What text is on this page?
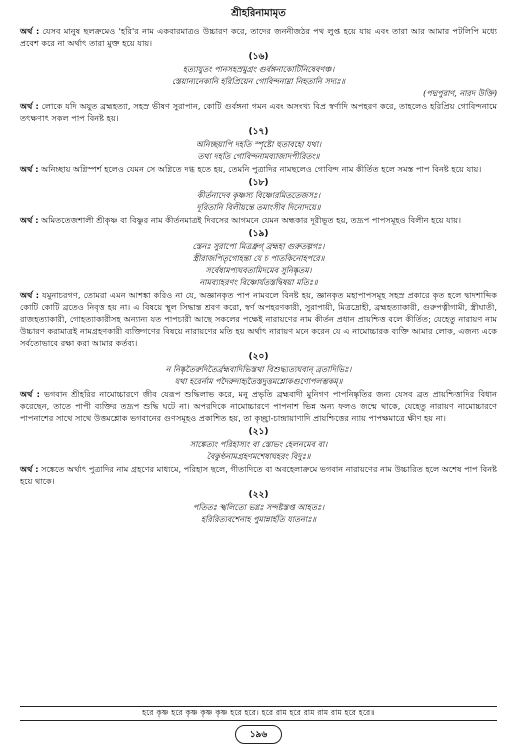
শ্রীহরিনামামৃত

অর্থ : যেসব মানুষ ছলক্রমেও 'হরি'র নাম একবারমাত্রও উচ্চারণ করে, তাদের জননীজঠর পথ লুপ্ত হয়ে যায় এবং তারা আর আমার পটলিপি মধ্যে প্রবেশ করে না অর্থাৎ তারা মুক্ত হয়ে যায়।

(১৬)

হত্যাযুতং পানসহস্রমুগ্রং গুর্বঙ্গনাকোটিনিষেবণঞ্চ।

স্তেয়ান্যনেকানি হরিপ্রিয়েন গোবিন্দনাম্না নিহতানি সদ্যঃ॥

(পদ্মপুরাণ, নারদ উক্তি)

অর্থ : লোকে যদি অযুত ব্রহ্মহত্যা, সহস্র ভীষণ সুরাপান, কোটি গুর্বঙ্গনা গমন এবং অসংখ্য বিপ্র স্বর্ণাদি অপহরণ করে, তাহলেও হরিপ্রিয় গোবিন্দনামে তৎক্ষণাৎ সকল পাপ বিনষ্ট হয়।

(১৭)

অনিচ্ছয়াপি দহতি স্পৃষ্টো হুতাবহো যথা।

তথা দহতি গোবিন্দনামব্যাজাদপীরিতং॥

অর্থ : অনিচ্ছায় অগ্নিস্পর্শ হলেও যেমন সে অগ্নিতে দগ্ধ হতে হয়, তেমনি পুত্রাদির নামছলেও গোবিন্দ নাম কীর্তিত হলে সমস্ত পাপ বিনষ্ট হয়ে যায়।

(১৮)

কীর্তনাদেব কৃষ্ণস্য বিষ্ণোরমিততেজসঃ।

দূরিতানি বিলীয়ন্তে তমাংসীব দিনোদয়ে॥

অর্থ : অমিততেজশালী শ্রীকৃষ্ণ বা বিষ্ণুর নাম কীর্তনমাত্রই দিবসের আগমনে যেমন অন্ধকার দূরীভূত হয়, তদ্রূপ পাপসমূহও বিলীন হয়ে যায়।

(১৯)

স্তেনঃ সুরাপো মিত্রধ্রুগ্ ব্রহ্মহা গুরুতল্পগঃ।

স্ত্রীরাজপিতৃগোহন্তা যে চ পাতকিনোহপরে॥

সর্বেষামপ্যঘবতামিদমেব সুনিষ্কৃতম।

নামব্যাহরণং বিষ্ণোর্যতস্তদ্বিষয়া মতিঃ॥

অর্থ : যমুনাচরগণ, তোমরা এমন আশঙ্কা করিও না যে, অজ্ঞানকৃত পাপ নামবলে বিনষ্ট হয়, জ্ঞানকৃত মহাপাপসমূহ সহস্র প্রকারে কৃত হলে দ্বাদশাব্দিক কোটি কোটি ব্রতেও নিবৃত্ত হয় না। এ বিষয়ে স্থূল সিদ্ধান্ত শ্রবণ করো, স্বর্ণ অপহরণকারী, সুরাপায়ী, মিত্রদ্রোহী, ব্রহ্মহত্যাকারী, গুরুপত্নীগামী, স্ত্রীঘাতী, রাজহত্যাকারী, গোহত্যাকারীসহ অন্যান্য যত পাপচারী আছে সকলের পক্ষেই নারায়ণের নাম কীর্তন প্রধান প্রায়শ্চিত্ত বলে কীর্তিত; যেহেতু নারায়ণ নাম উচ্চারণ করামাত্রই নামগ্রহণকারী ব্যক্তিগণের বিষয়ে নারায়ণের মতি হয় অর্থাৎ নারায়ণ মনে করেন যে এ নামোচ্চারক ব্যক্তি আমার লোক, এজন্য একে সর্বতোভাবে রক্ষা করা আমার কর্তব্য।

(২০)

ন নিষ্কৃতৈরুদিতৈর্ব্রহ্মবাদিভিস্তথা বিশুদ্ধ্যত্যঘবান্ ব্রতাদিভিঃ।

যথা হরের্নাম পদৈরুদাহৃতৈস্তদুত্তমশ্লোকগুণোপলম্ভকম্॥

অর্থ : ভগবান শ্রীহরির নামোচ্চারণে জীব যেরূপ শুদ্ধিলাভ করে, মনু প্রভৃতি ব্রহ্মবাদী মুনিগণ পাপনিষ্কৃতির জন্য যেসব ব্রত প্রায়শ্চিত্তাদির বিধান করেছেন, তাতে পাপী ব্যক্তির তদ্রূপ শুদ্ধি ঘটে না। অপরদিকে নামোচ্চারণে পাপনাশ ভিন্ন অন্য ফলও জন্মে থাকে, যেহেতু নারায়ণ নামোচ্চারণে পাপনাশের সাথে সাথে উত্তমশ্লোক ভগবানের গুণসমূহও প্রকাশিত হয়, তা কৃচ্ছ্রা-চান্দ্রায়াণাদি প্রায়শ্চিত্তের ন্যায় পাপক্ষমাত্রে ক্ষীণ হয় না।

(২১)

সাঙ্কেত্যং পরিহাস্যং বা স্তোভং হেলনমেব বা।

বৈকুণ্ঠনামগ্রহণমশেষাঘহরং বিদুঃ॥

অর্থ : সঙ্কেতে অর্থাৎ পুত্রাদির নাম গ্রহণের মাধ্যমে, পরিহাস ছলে, গীতাদিতে বা অবহেলাক্রমে ভগবান নারায়ণের নাম উচ্চারিত হলে অশেষ পাপ বিনষ্ট হয়ে থাকে।

(২২)

পতিতঃ স্খলিতো ভগ্নঃ সন্দষ্টস্তপ্ত আহতঃ।

হরিরিত্যবশেনাহ পুমান্নার্হতি যাতনাঃ॥

হরে কৃষ্ণ হরে কৃষ্ণ কৃষ্ণ কৃষ্ণ হরে হরে। হরে রাম হরে রাম রাম রাম হরে হরে॥
১৯৬
